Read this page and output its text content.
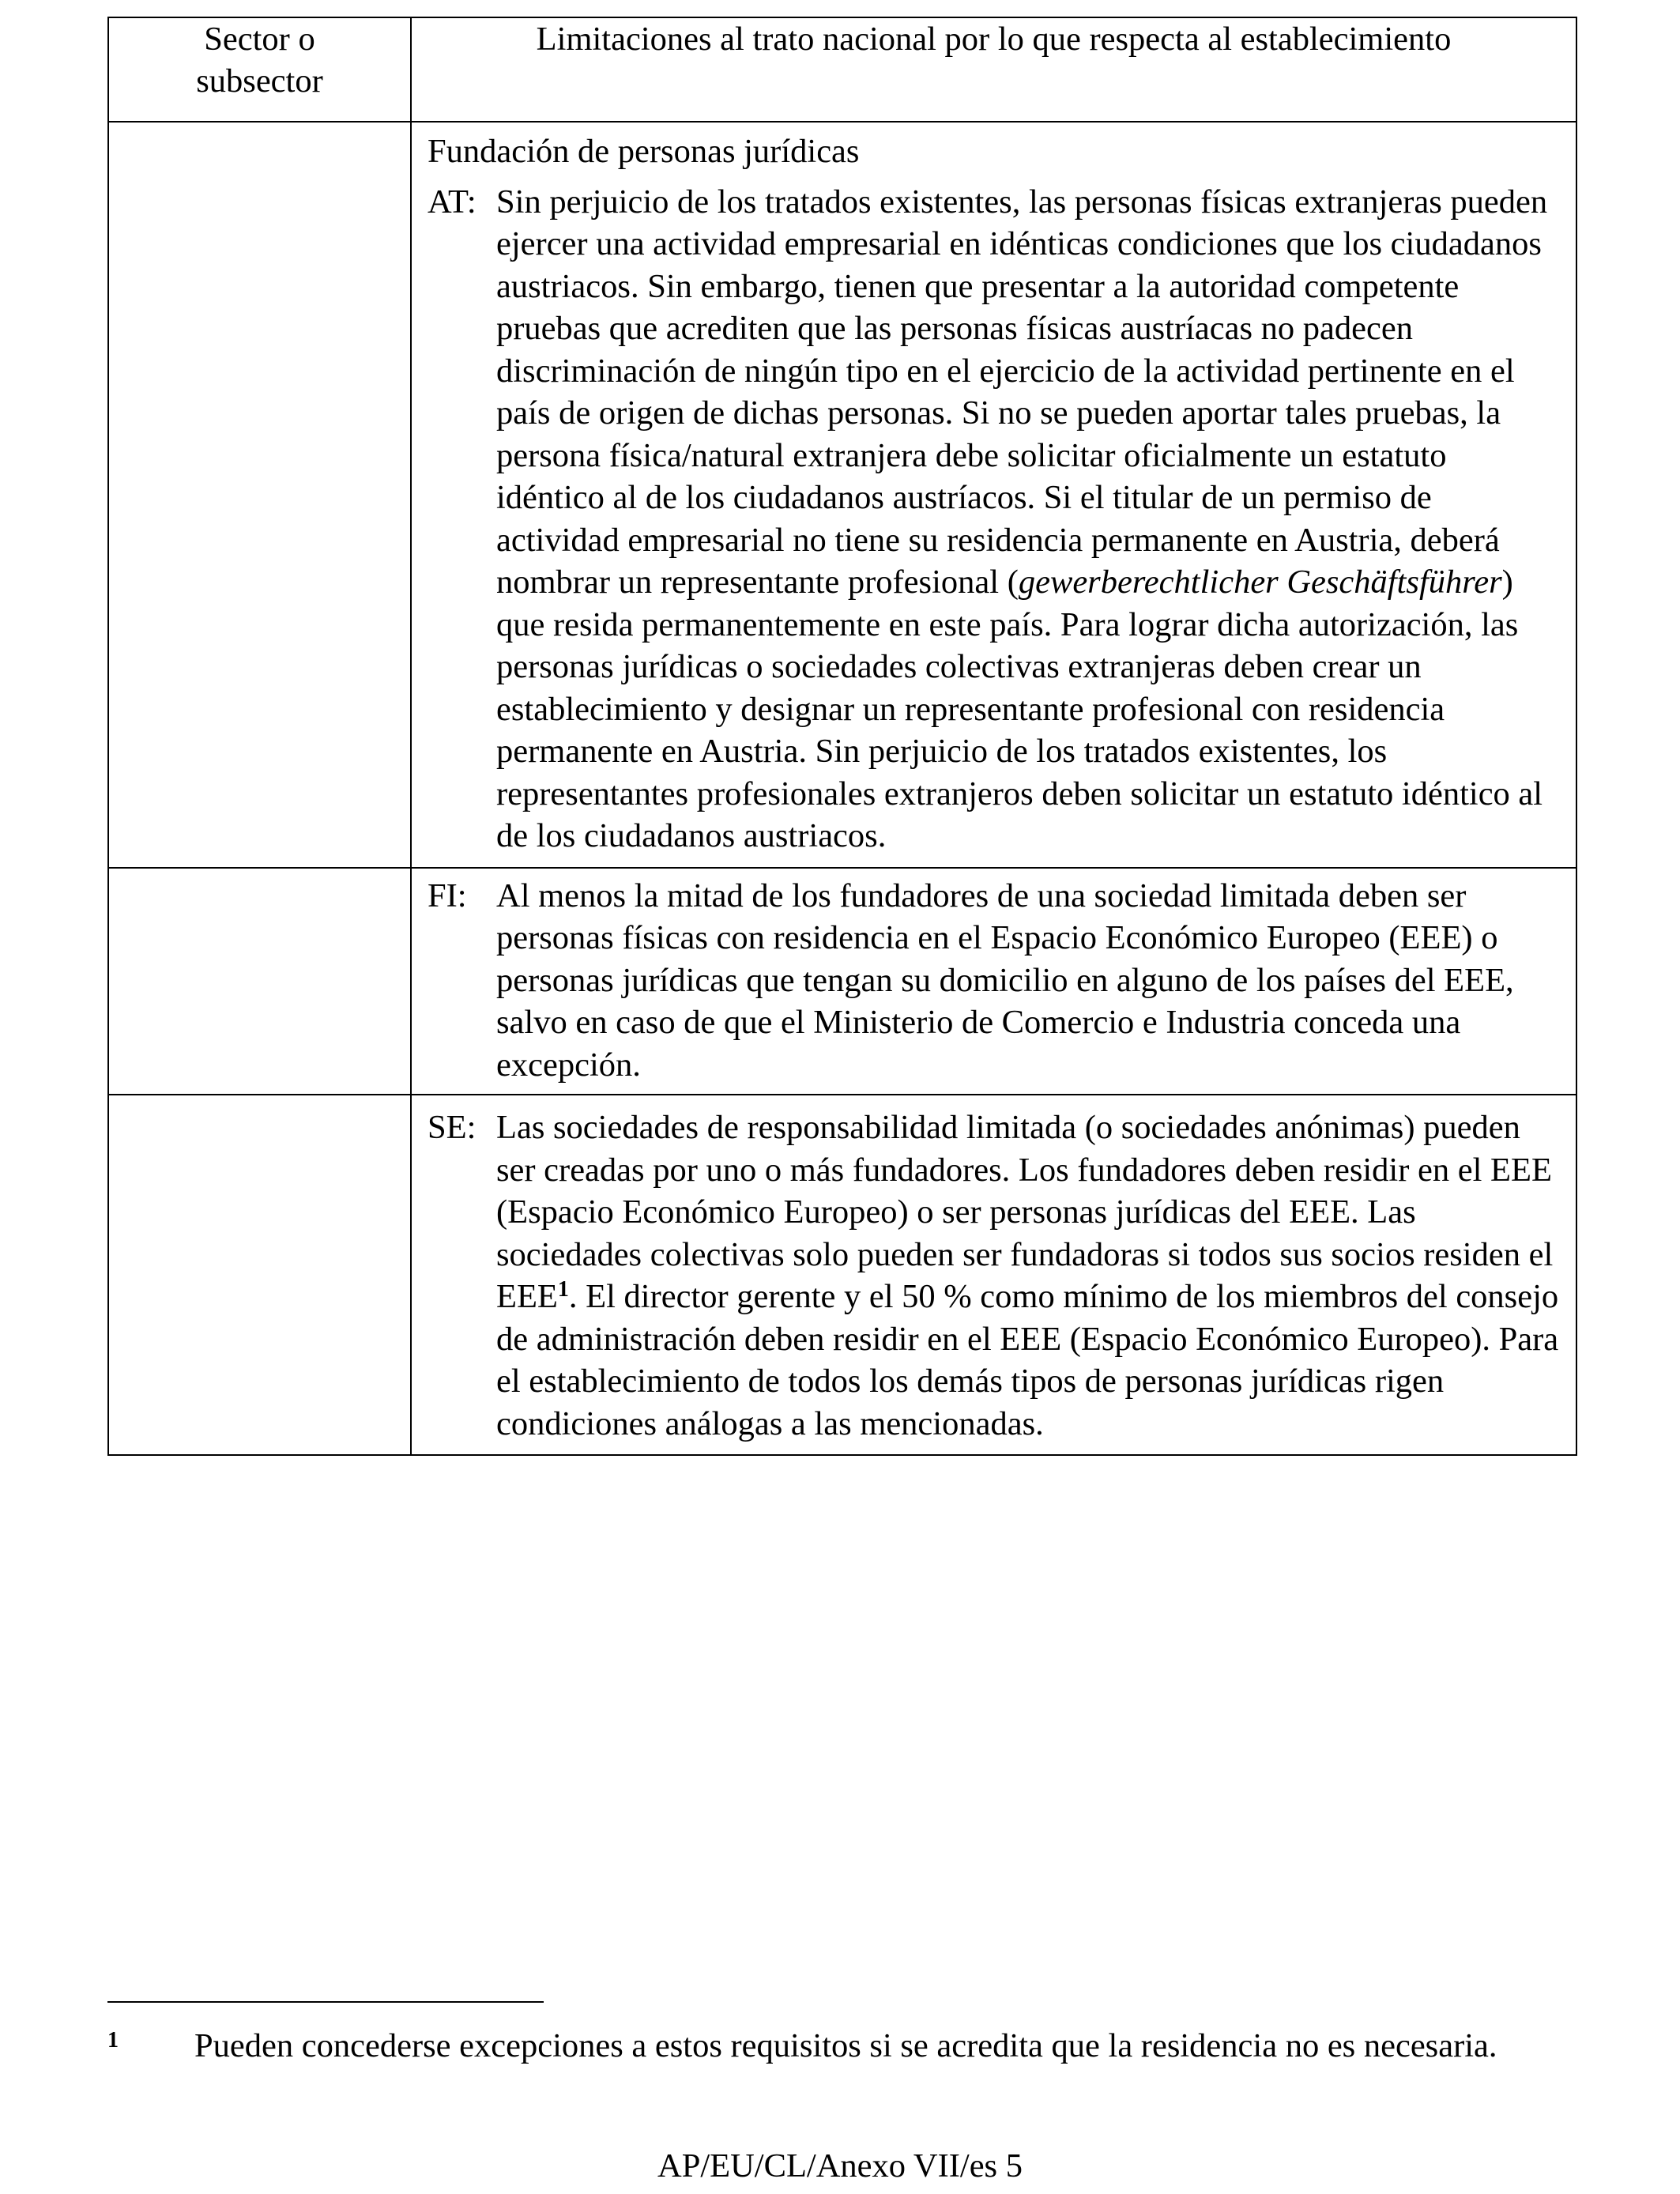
Sector o subsector	Limitaciones al trato nacional por lo que respecta al establecimiento

	Fundación de personas jurídicas
AT: Sin perjuicio de los tratados existentes, las personas físicas extranjeras pueden ejercer una actividad empresarial en idénticas condiciones que los ciudadanos austriacos. Sin embargo, tienen que presentar a la autoridad competente pruebas que acrediten que las personas físicas austríacas no padecen discriminación de ningún tipo en el ejercicio de la actividad pertinente en el país de origen de dichas personas. Si no se pueden aportar tales pruebas, la persona física/natural extranjera debe solicitar oficialmente un estatuto idéntico al de los ciudadanos austríacos. Si el titular de un permiso de actividad empresarial no tiene su residencia permanente en Austria, deberá nombrar un representante profesional (gewerberechtlicher Geschäftsführer) que resida permanentemente en este país. Para lograr dicha autorización, las personas jurídicas o sociedades colectivas extranjeras deben crear un establecimiento y designar un representante profesional con residencia permanente en Austria. Sin perjuicio de los tratados existentes, los representantes profesionales extranjeros deben solicitar un estatuto idéntico al de los ciudadanos austriacos.

	FI: Al menos la mitad de los fundadores de una sociedad limitada deben ser personas físicas con residencia en el Espacio Económico Europeo (EEE) o personas jurídicas que tengan su domicilio en alguno de los países del EEE, salvo en caso de que el Ministerio de Comercio e Industria conceda una excepción.

	SE: Las sociedades de responsabilidad limitada (o sociedades anónimas) pueden ser creadas por uno o más fundadores. Los fundadores deben residir en el EEE (Espacio Económico Europeo) o ser personas jurídicas del EEE. Las sociedades colectivas solo pueden ser fundadoras si todos sus socios residen el EEE$^1$. El director gerente y el 50 % como mínimo de los miembros del consejo de administración deben residir en el EEE (Espacio Económico Europeo). Para el establecimiento de todos los demás tipos de personas jurídicas rigen condiciones análogas a las mencionadas.
1	Pueden concederse excepciones a estos requisitos si se acredita que la residencia no es necesaria.
AP/EU/CL/Anexo VII/es 5
